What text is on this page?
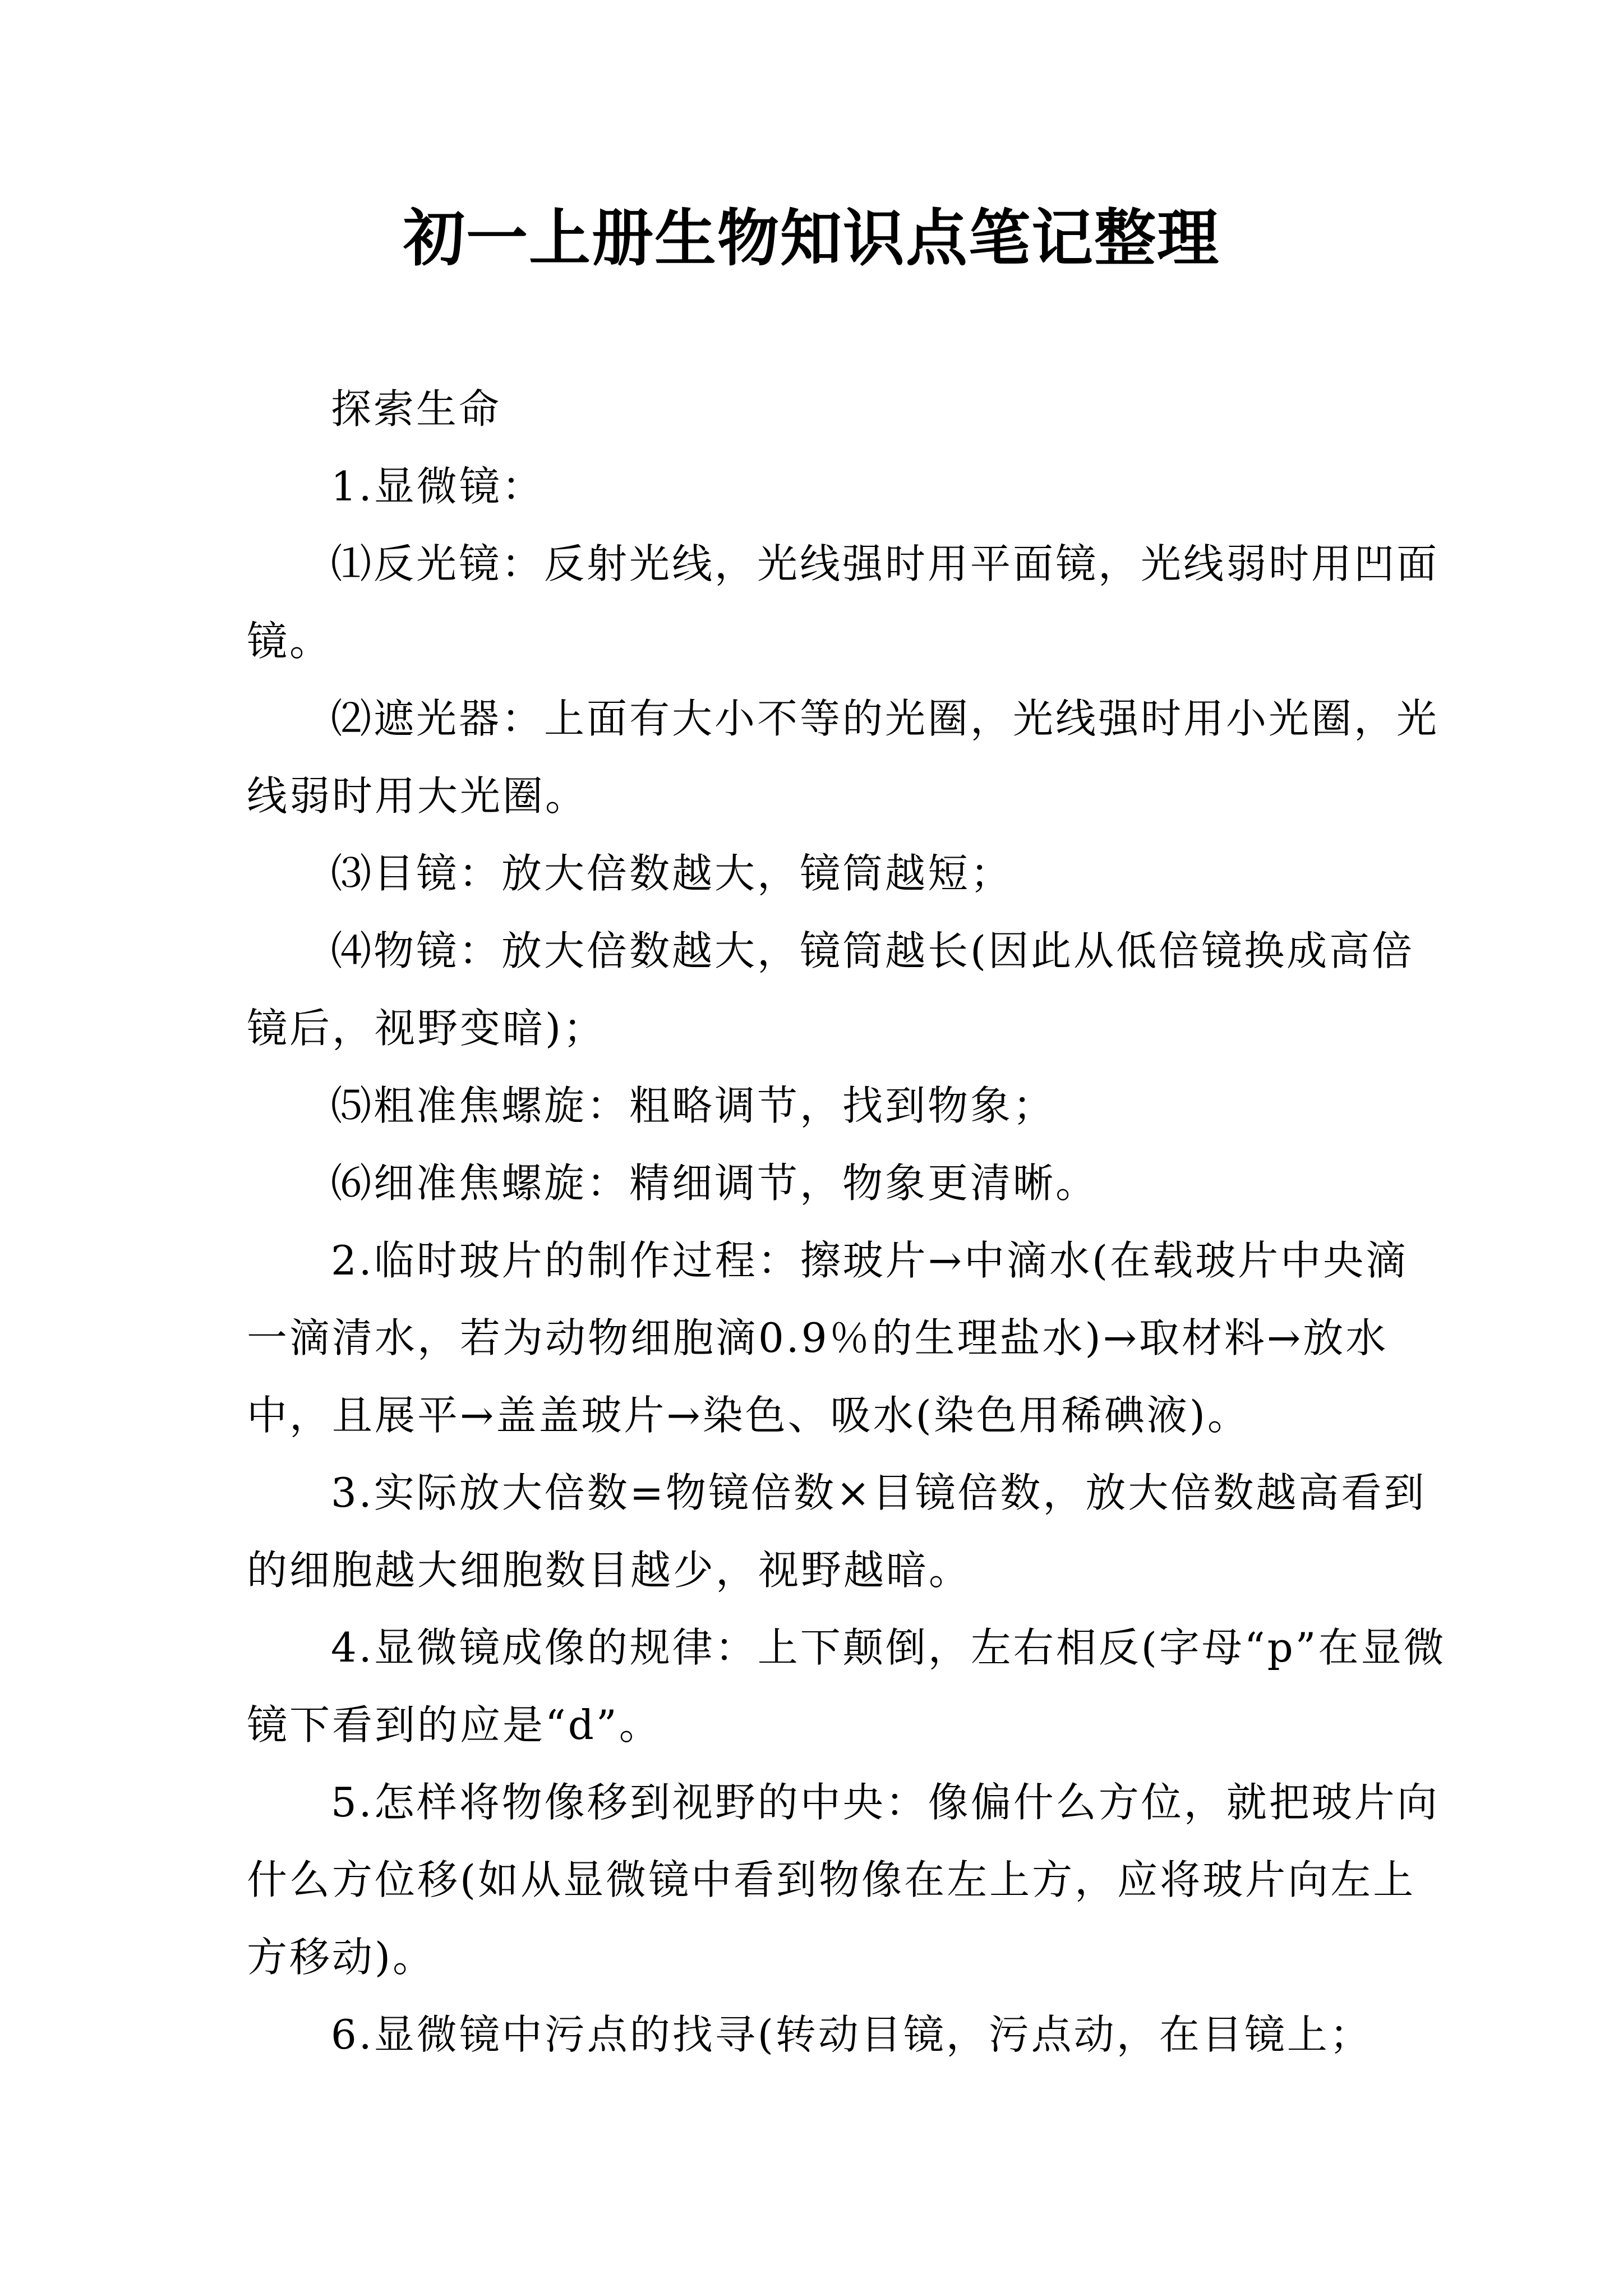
初一上册生物知识点笔记整理

探索生命

1.显微镜：

⑴反光镜：反射光线，光线强时用平面镜，光线弱时用凹面镜。

⑵遮光器：上面有大小不等的光圈，光线强时用小光圈，光线弱时用大光圈。

⑶目镜：放大倍数越大，镜筒越短；

⑷物镜：放大倍数越大，镜筒越长(因此从低倍镜换成高倍镜后，视野变暗)；

⑸粗准焦螺旋：粗略调节，找到物象；

⑹细准焦螺旋：精细调节，物象更清晰。

2.临时玻片的制作过程：擦玻片→中滴水(在载玻片中央滴一滴清水，若为动物细胞滴0.9％的生理盐水)→取材料→放水中，且展平→盖盖玻片→染色、吸水(染色用稀碘液)。

3.实际放大倍数=物镜倍数×目镜倍数，放大倍数越高看到的细胞越大细胞数目越少，视野越暗。

4.显微镜成像的规律：上下颠倒，左右相反(字母“p”在显微镜下看到的应是“d”。

5.怎样将物像移到视野的中央：像偏什么方位，就把玻片向什么方位移(如从显微镜中看到物像在左上方，应将玻片向左上方移动)。

6.显微镜中污点的找寻(转动目镜，污点动，在目镜上；
